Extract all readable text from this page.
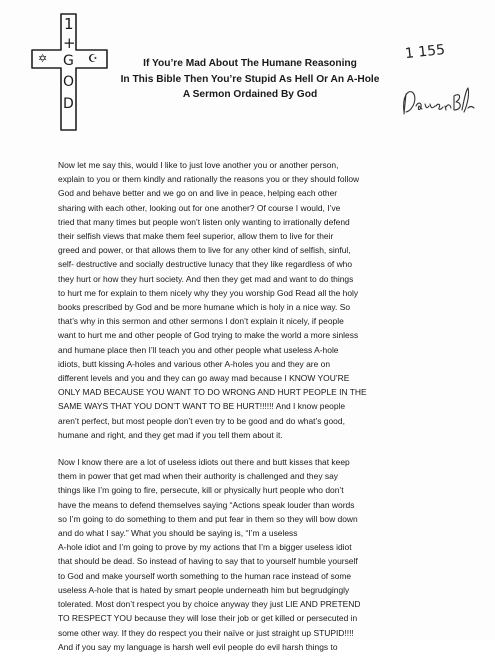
1
+
✡ G ☪
O
D
If You’re Mad About The Humane Reasoning
In This Bible Then You’re Stupid As Hell Or An A-Hole
A Sermon Ordained By God
1 155

Now let me say this, would I like to just love another you or another person,
explain to you or them kindly and rationally the reasons you or they should follow
God and behave better and we go on and live in peace, helping each other
sharing with each other, looking out for one another? Of course I would, I’ve
tried that many times but people won’t listen only wanting to irrationally defend
their selfish views that make them feel superior, allow them to live for their
greed and power, or that allows them to live for any other kind of selfish, sinful,
self- destructive and socially destructive lunacy that they like regardless of who
they hurt or how they hurt society. And then they get mad and want to do things
to hurt me for explain to them nicely why they you worship God Read all the holy
books prescribed by God and be more humane which is holy in a nice way. So
that’s why in this sermon and other sermons I don’t explain it nicely, if people
want to hurt me and other people of God trying to make the world a more sinless
and humane place then I’ll teach you and other people what useless A-hole
idiots, butt kissing A-holes and various other A-holes you and they are on
different levels and you and they can go away mad because I KNOW YOU’RE
ONLY MAD BECAUSE YOU WANT TO DO WRONG AND HURT PEOPLE IN THE
SAME WAYS THAT YOU DON’T WANT TO BE HURT!!!!!! And I know people
aren’t perfect, but most people don’t even try to be good and do what’s good,
humane and right, and they get mad if you tell them about it.

Now I know there are a lot of useless idiots out there and butt kisses that keep
them in power that get mad when their authority is challenged and they say
things like I’m going to fire, persecute, kill or physically hurt people who don’t
have the means to defend themselves saying “Actions speak louder than words
so I’m going to do something to them and put fear in them so they will bow down
and do what I say.” What you should be saying is, “I’m a useless
A-hole idiot and I’m going to prove by my actions that I’m a bigger useless idiot
that should be dead. So instead of having to say that to yourself humble yourself
to God and make yourself worth something to the human race instead of some
useless A-hole that is hated by smart people underneath him but begrudgingly
tolerated. Most don’t respect you by choice anyway they just LIE AND PRETEND
TO RESPECT YOU because they will lose their job or get killed or persecuted in
some other way. If they do respect you their naïve or just straight up STUPID!!!!
And if you say my language is harsh well evil people do evil harsh things to
